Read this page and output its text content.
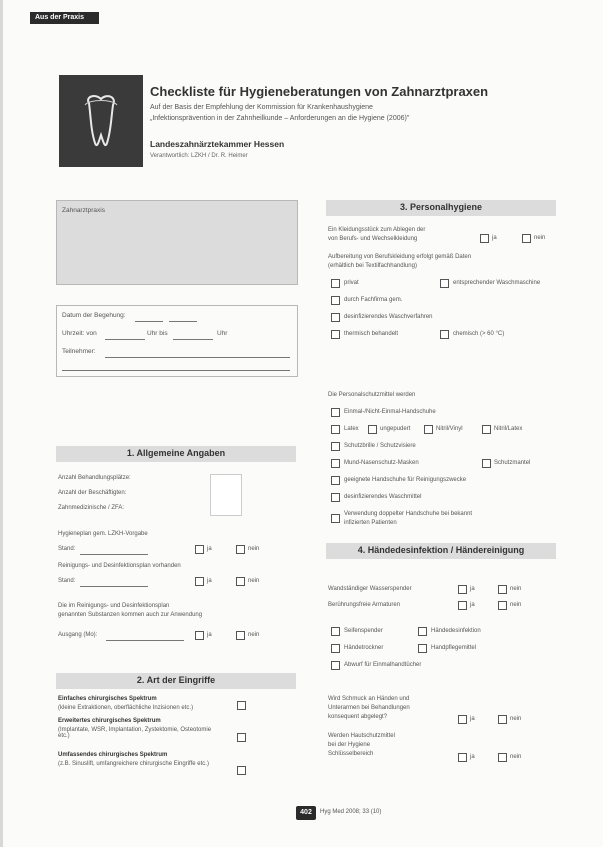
Aus der Praxis
Checkliste für Hygieneberatungen von Zahnarztpraxen
Auf der Basis der Empfehlung der Kommission für Krankenhaushygiene
„Infektionsprävention in der Zahnheilkunde – Anforderungen an die Hygiene (2006)"
Landeszahnärztekammer Hessen
Verantwortlich: LZKH / Dr. R. Heimer
Zahnarztpraxis
Datum der Begehung:
Uhrzeit: von	Uhr bis	Uhr
Teilnehmer:
1. Allgemeine Angaben
Anzahl Behandlungsplätze:
Anzahl der Beschäftigten:
Zahnmedizinische / ZFA:
Hygieneplan gem. LZKH-Vorgabe
Stand:	ja	nein
Reinigungs- und Desinfektionsplan vorhanden
Stand:	ja	nein
Die im Reinigungs- und Desinfektionsplan
genannten Substanzen kommen auch zur Anwendung
Ausgang (Mo):	ja	nein
2. Art der Eingriffe
Einfaches chirurgisches Spektrum
(kleine Extraktionen, oberflächliche Inzisionen etc.)
Erweitertes chirurgisches Spektrum
(Implantate, WSR, Implantation, Zystektomie, Osteotomie etc.)
Umfassendes chirurgisches Spektrum
(z.B. Sinuslift, umfangreichere chirurgische Eingriffe etc.)
3. Personalhygiene
Ein Kleidungsstück zum Ablegen der
von Berufs- und Wechselkleidung	ja	nein
Aufbereitung von Berufskleidung erfolgt gemäß Daten
(erhältlich bei Textilfachhandlung)
privat	entsprechender Waschmaschine
durch Fachfirma gem.
desinfizierendes Waschverfahren
thermisch behandelt	chemisch (> 60 °C)
Die Personalschutzmittel werden
Einmal-/Nicht-Einmal-Handschuhe
Latex	ungepudert	Nitril/Vinyl	Nitril/Latex
Schutzbrille / Schutzvisiere
Mund-Nasenschutz-Masken	Schutzmantel
geeignete Handschuhe für Reinigungszwecke
desinfizierendes Waschmittel
Verwendung doppelter Handschuhe bei bekannt
infizierten Patienten
4. Händedesinfektion / Händereinigung
Wandständiger Wasserspender	ja	nein
Berührungsfreie Armaturen	ja	nein
Seifenspender	Händedesinfektion
Händetrockner	Handpflegemittel
Abwurf für Einmalhandtücher
Wird Schmuck an Händen und
Unterarmen bei Behandlungen
konsequent abgelegt?	ja	nein
Werden Hautschutzmittel
bei der Hygiene
Schlüsselbereich	ja	nein
402	Hyg Med 2008; 33 (10)
